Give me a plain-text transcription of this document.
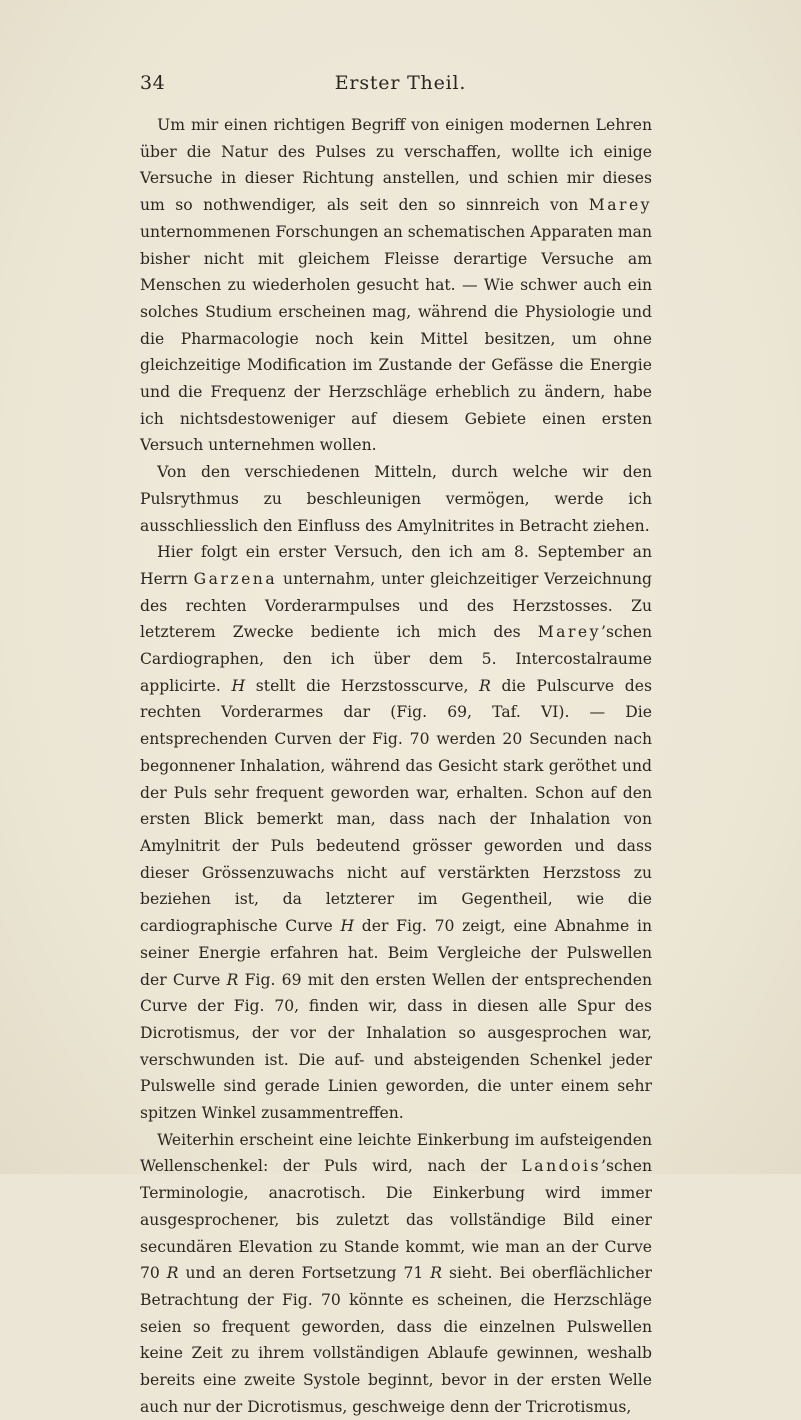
34	Erster Theil.

Um mir einen richtigen Begriff von einigen modernen Lehren über die Natur des Pulses zu verschaffen, wollte ich einige Versuche in dieser Richtung anstellen, und schien mir dieses um so nothwendiger, als seit den so sinnreich von Marey unternommenen Forschungen an schematischen Apparaten man bisher nicht mit gleichem Fleisse derartige Versuche am Menschen zu wiederholen gesucht hat. — Wie schwer auch ein solches Studium erscheinen mag, während die Physiologie und die Pharmacologie noch kein Mittel besitzen, um ohne gleichzeitige Modification im Zustande der Gefässe die Energie und die Frequenz der Herzschläge erheblich zu ändern, habe ich nichtsdestoweniger auf diesem Gebiete einen ersten Versuch unternehmen wollen.

Von den verschiedenen Mitteln, durch welche wir den Pulsrythmus zu beschleunigen vermögen, werde ich ausschliesslich den Einfluss des Amylnitrites in Betracht ziehen.

Hier folgt ein erster Versuch, den ich am 8. September an Herrn Garzena unternahm, unter gleichzeitiger Verzeichnung des rechten Vorderarmpulses und des Herzstosses. Zu letzterem Zwecke bediente ich mich des Marey’schen Cardiographen, den ich über dem 5. Intercostalraume applicirte. H stellt die Herzstosscurve, R die Pulscurve des rechten Vorderarmes dar (Fig. 69, Taf. VI). — Die entsprechenden Curven der Fig. 70 werden 20 Secunden nach begonnener Inhalation, während das Gesicht stark geröthet und der Puls sehr frequent geworden war, erhalten. Schon auf den ersten Blick bemerkt man, dass nach der Inhalation von Amylnitrit der Puls bedeutend grösser geworden und dass dieser Grössenzuwachs nicht auf verstärkten Herzstoss zu beziehen ist, da letzterer im Gegentheil, wie die cardiographische Curve H der Fig. 70 zeigt, eine Abnahme in seiner Energie erfahren hat. Beim Vergleiche der Pulswellen der Curve R Fig. 69 mit den ersten Wellen der entsprechenden Curve der Fig. 70, finden wir, dass in diesen alle Spur des Dicrotismus, der vor der Inhalation so ausgesprochen war, verschwunden ist. Die auf- und absteigenden Schenkel jeder Pulswelle sind gerade Linien geworden, die unter einem sehr spitzen Winkel zusammentreffen.

Weiterhin erscheint eine leichte Einkerbung im aufsteigenden Wellenschenkel: der Puls wird, nach der Landois’schen Terminologie, anacrotisch. Die Einkerbung wird immer ausgesprochener, bis zuletzt das vollständige Bild einer secundären Elevation zu Stande kommt, wie man an der Curve 70 R und an deren Fortsetzung 71 R sieht. Bei oberflächlicher Betrachtung der Fig. 70 könnte es scheinen, die Herzschläge seien so frequent geworden, dass die einzelnen Pulswellen keine Zeit zu ihrem vollständigen Ablaufe gewinnen, weshalb bereits eine zweite Systole beginnt, bevor in der ersten Welle auch nur der Dicrotismus, geschweige denn der Tricrotismus,
